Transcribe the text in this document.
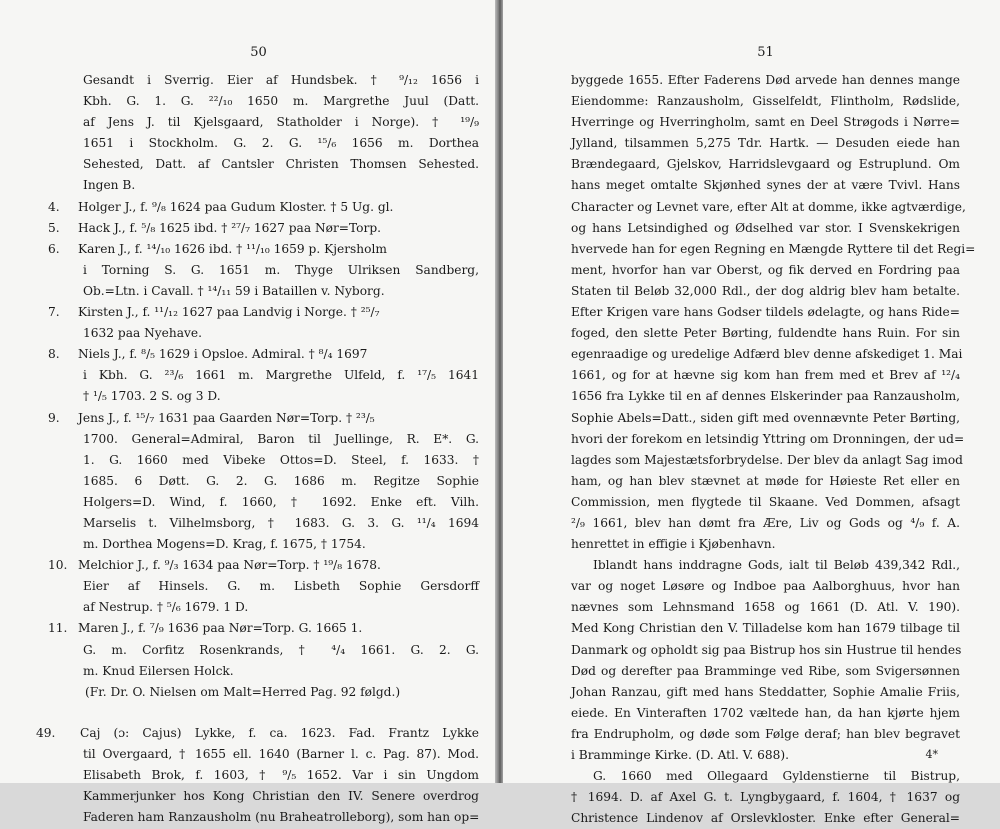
50
Gesandt i Sverrig. Eier af Hundsbek. † ⁹/₁₂ 1656 i
Kbh. G. 1. G. ²²/₁₀ 1650 m. Margrethe Juul (Datt.
af Jens J. til Kjelsgaard, Statholder i Norge). † ¹⁹/₉
1651 i Stockholm. G. 2. G. ¹⁵/₆ 1656 m. Dorthea
Sehested, Datt. af Cantsler Christen Thomsen Sehested.
Ingen B.
4. Holger J., f. ⁹/₈ 1624 paa Gudum Kloster. † 5 Ug. gl.
5. Hack J., f. ⁵/₈ 1625 ibd. † ²⁷/₇ 1627 paa Nør=Torp.
6. Karen J., f. ¹⁴/₁₀ 1626 ibd. † ¹¹/₁₀ 1659 p. Kjersholm
i Torning S. G. 1651 m. Thyge Ulriksen Sandberg,
Ob.=Ltn. i Cavall. † ¹⁴/₁₁ 59 i Bataillen v. Nyborg.
7. Kirsten J., f. ¹¹/₁₂ 1627 paa Landvig i Norge. † ²⁵/₇
1632 paa Nyehave.
8. Niels J., f. ⁸/₅ 1629 i Opsloe. Admiral. † ⁸/₄ 1697
i Kbh. G. ²³/₆ 1661 m. Margrethe Ulfeld, f. ¹⁷/₅ 1641
† ¹/₅ 1703. 2 S. og 3 D.
9. Jens J., f. ¹⁵/₇ 1631 paa Gaarden Nør=Torp. † ²³/₅
1700. General=Admiral, Baron til Juellinge, R. E*. G.
1. G. 1660 med Vibeke Ottos=D. Steel, f. 1633. †
1685. 6 Døtt. G. 2. G. 1686 m. Regitze Sophie
Holgers=D. Wind, f. 1660, † 1692. Enke eft. Vilh.
Marselis t. Vilhelmsborg, † 1683. G. 3. G. ¹¹/₄ 1694
m. Dorthea Mogens=D. Krag, f. 1675, † 1754.
10. Melchior J., f. ⁹/₃ 1634 paa Nør=Torp. † ¹⁹/₈ 1678.
Eier af Hinsels. G. m. Lisbeth Sophie Gersdorff
af Nestrup. † ⁵/₆ 1679. 1 D.
11. Maren J., f. ⁷/₉ 1636 paa Nør=Torp. G. 1665 1.
G. m. Corfitz Rosenkrands, † ⁴/₄ 1661. G. 2. G.
m. Knud Eilersen Holck.
(Fr. Dr. O. Nielsen om Malt=Herred Pag. 92 følgd.)
49. Caj (ɔ: Cajus) Lykke, f. ca. 1623. Fad. Frantz Lykke
til Overgaard, † 1655 ell. 1640 (Barner l. c. Pag. 87). Mod.
Elisabeth Brok, f. 1603, † ⁹/₅ 1652. Var i sin Ungdom
Kammerjunker hos Kong Christian den IV. Senere overdrog
Faderen ham Ranzausholm (nu Braheatrolleborg), som han op=
51
byggede 1655. Efter Faderens Død arvede han dennes mange
Eiendomme: Ranzausholm, Gisselfeldt, Flintholm, Rødslide,
Hverringe og Hverringholm, samt en Deel Strøgods i Nørre=
Jylland, tilsammen 5,275 Tdr. Hartk. — Desuden eiede han
Brændegaard, Gjelskov, Harridslevgaard og Estruplund. Om
hans meget omtalte Skjønhed synes der at være Tvivl. Hans
Character og Levnet vare, efter Alt at domme, ikke agtværdige,
og hans Letsindighed og Ødselhed var stor. I Svenskekrigen
hvervede han for egen Regning en Mængde Ryttere til det Regi=
ment, hvorfor han var Oberst, og fik derved en Fordring paa
Staten til Beløb 32,000 Rdl., der dog aldrig blev ham betalte.
Efter Krigen vare hans Godser tildels ødelagte, og hans Ride=
foged, den slette Peter Børting, fuldendte hans Ruin. For sin
egenraadige og uredelige Adfærd blev denne afskediget 1. Mai
1661, og for at hævne sig kom han frem med et Brev af ¹²/₄
1656 fra Lykke til en af dennes Elskerinder paa Ranzausholm,
Sophie Abels=Datt., siden gift med ovennævnte Peter Børting,
hvori der forekom en letsindig Yttring om Dronningen, der ud=
lagdes som Majestætsforbrydelse. Der blev da anlagt Sag imod
ham, og han blev stævnet at møde for Høieste Ret eller en
Commission, men flygtede til Skaane. Ved Dommen, afsagt
²/₉ 1661, blev han dømt fra Ære, Liv og Gods og ⁴/₉ f. A.
henrettet in effigie i Kjøbenhavn.
Iblandt hans inddragne Gods, ialt til Beløb 439,342 Rdl.,
var og noget Løsøre og Indboe paa Aalborghuus, hvor han
nævnes som Lehnsmand 1658 og 1661 (D. Atl. V. 190).
Med Kong Christian den V. Tilladelse kom han 1679 tilbage til
Danmark og opholdt sig paa Bistrup hos sin Hustrue til hendes
Død og derefter paa Bramminge ved Ribe, som Svigersønnen
Johan Ranzau, gift med hans Steddatter, Sophie Amalie Friis,
eiede. En Vinteraften 1702 væltede han, da han kjørte hjem
fra Endrupholm, og døde som Følge deraf; han blev begravet
i Bramminge Kirke. (D. Atl. V. 688).
G. 1660 med Ollegaard Gyldenstierne til Bistrup,
† 1694. D. af Axel G. t. Lyngbygaard, f. 1604, † 1637 og
Christence Lindenov af Orslevkloster. Enke efter General=
4*
